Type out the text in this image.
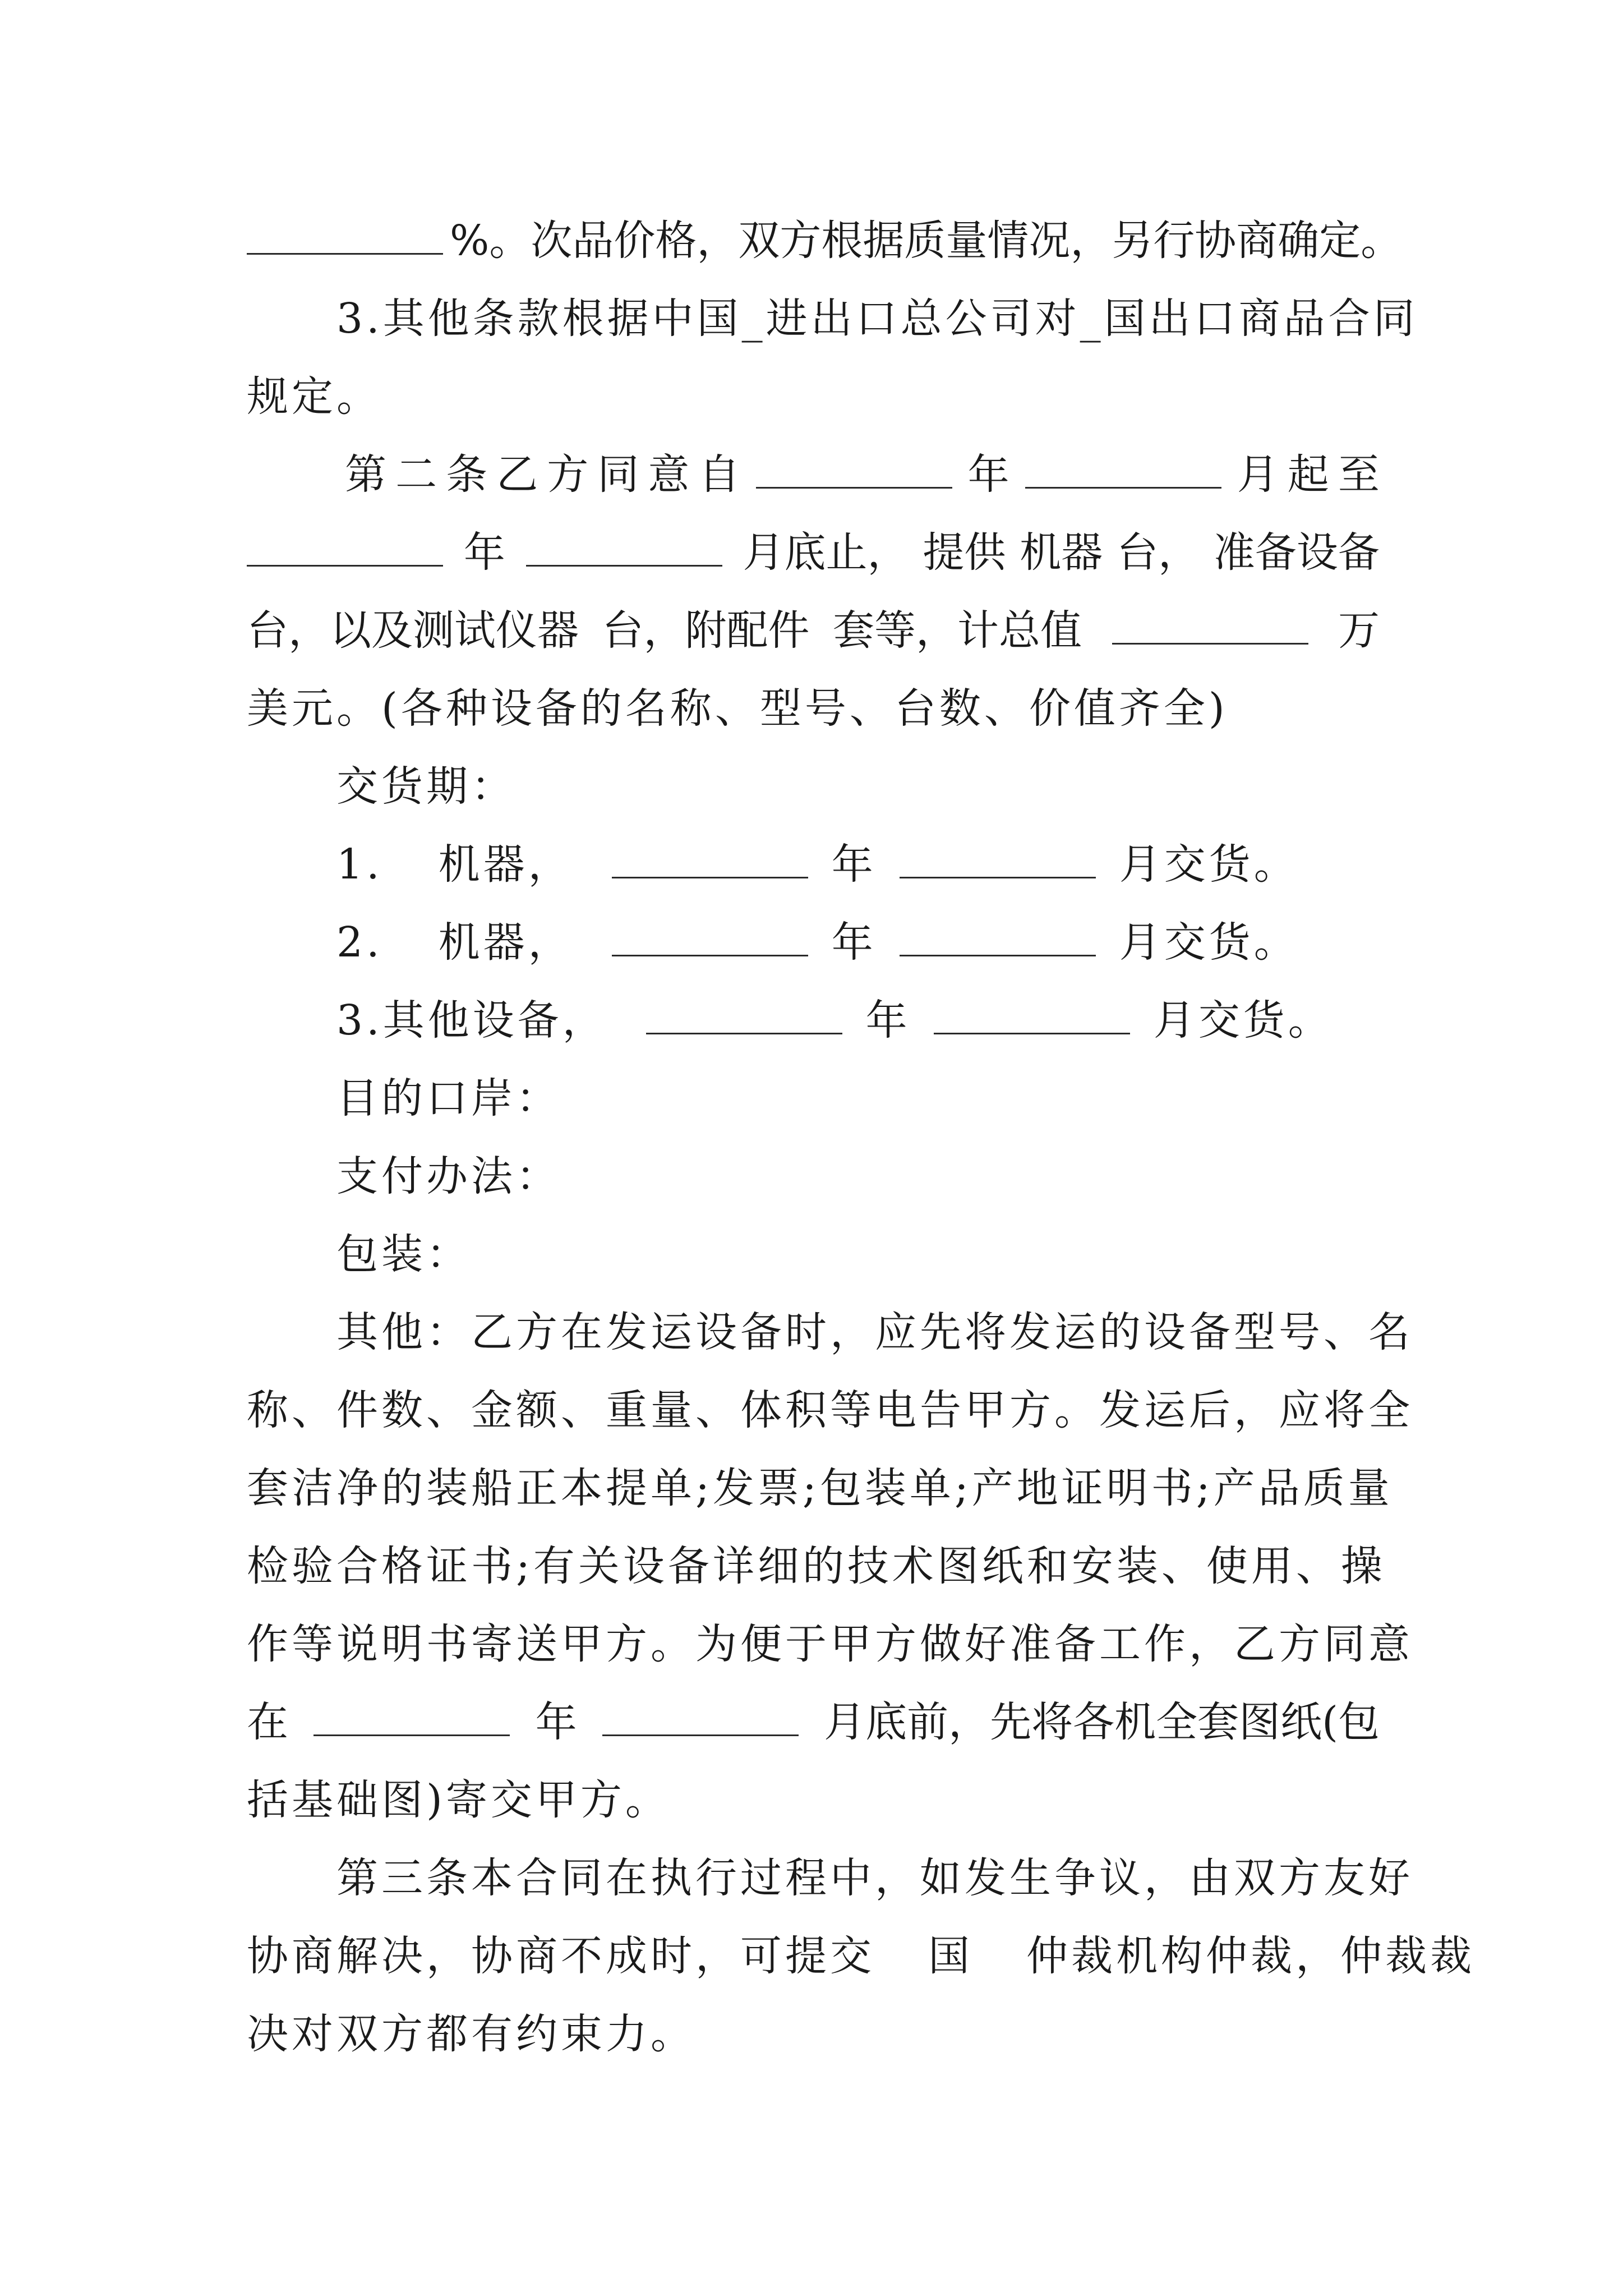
%。次品价格，双方根据质量情况，另行协商确定。
3.其他条款根据中国_进出口总公司对_国出口商品合同
规定。
第 二 条 乙 方 同 意 自	年	月 起 至
年	月底止， 提供 机器 台， 准备设备
台，以及测试仪器 台，附配件 套等，计总值	万
美元。(各种设备的名称、型号、台数、价值齐全)
交货期：
1. 机器，	年	月交货。
2. 机器，	年	月交货。
3.其他设备，	年	月交货。
目的口岸：
支付办法：
包装：
其他：乙方在发运设备时，应先将发运的设备型号、名
称、件数、金额、重量、体积等电告甲方。发运后，应将全
套洁净的装船正本提单;发票;包装单;产地证明书;产品质量
检验合格证书;有关设备详细的技术图纸和安装、使用、操
作等说明书寄送甲方。为便于甲方做好准备工作，乙方同意
在	年	月底前，先将各机全套图纸(包
括基础图)寄交甲方。
第三条本合同在执行过程中，如发生争议，由双方友好
协商解决，协商不成时，可提交 国 仲裁机构仲裁，仲裁裁
决对双方都有约束力。
